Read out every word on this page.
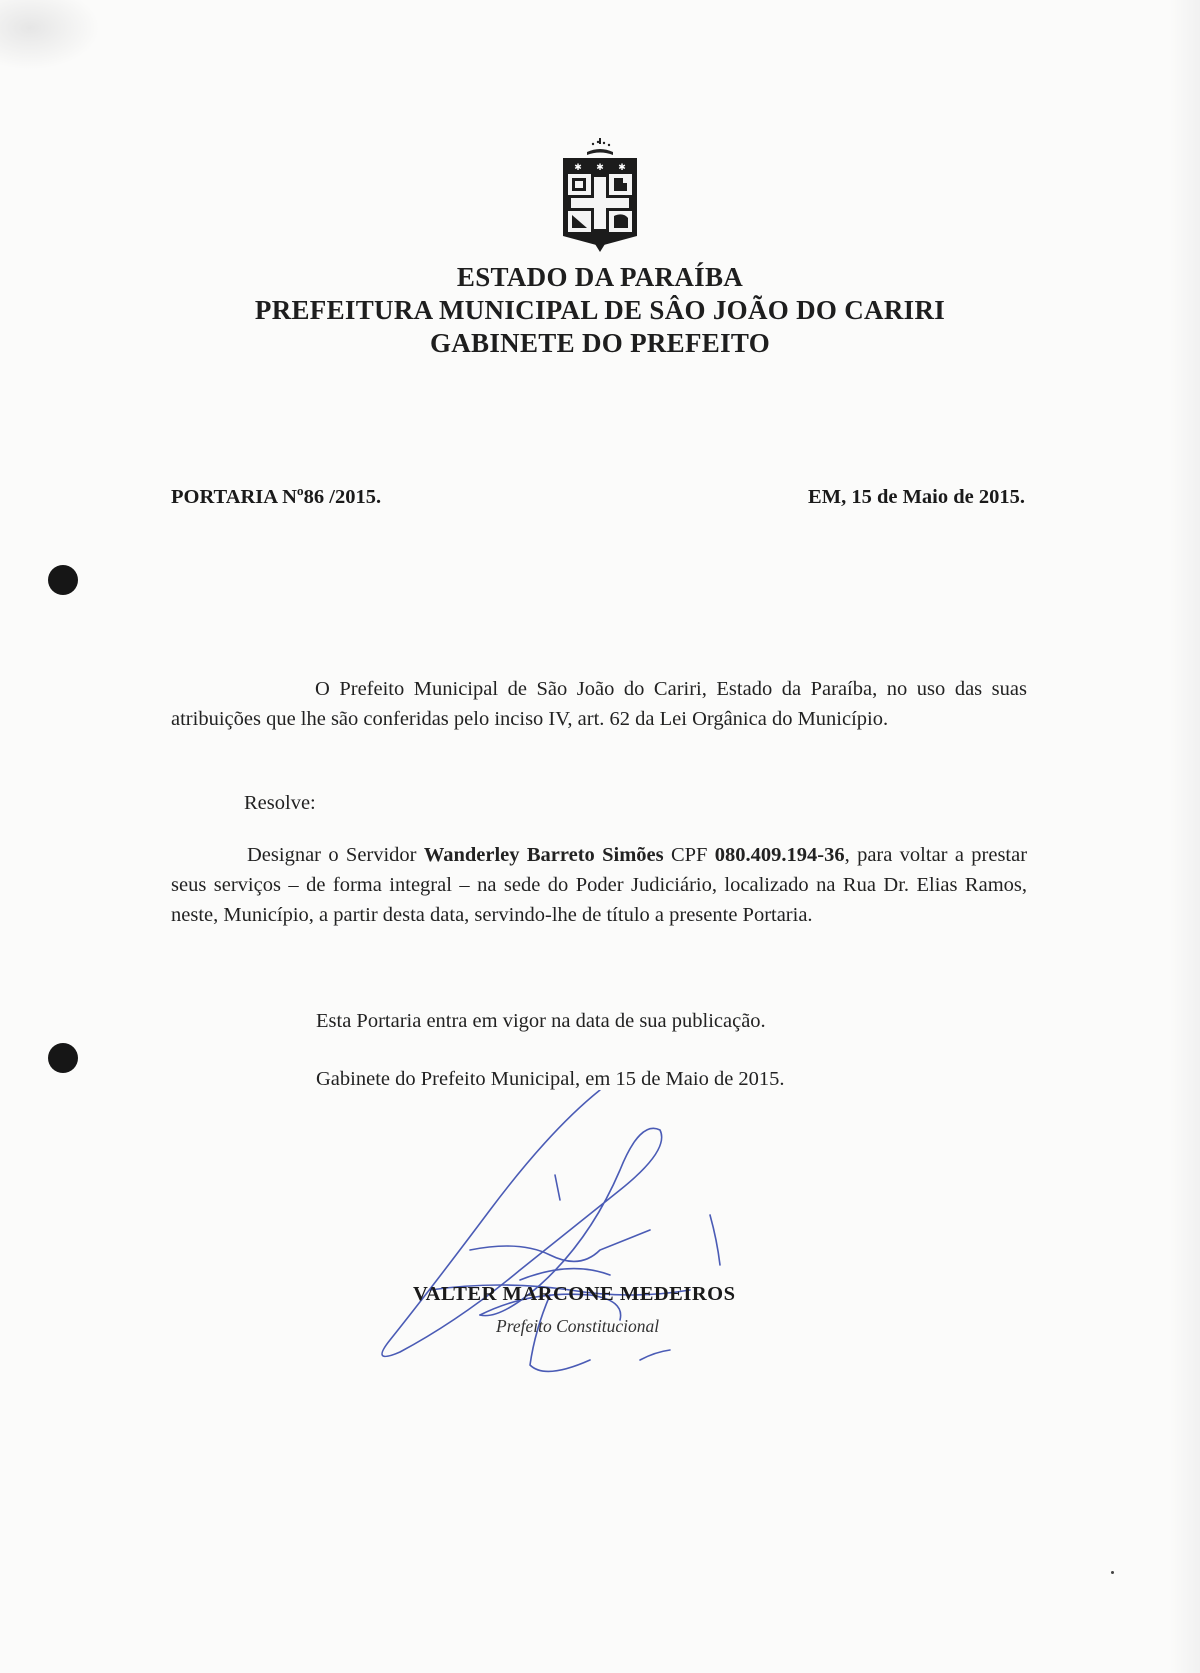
✱ ✱ ✱
ESTADO DA PARAÍBA
PREFEITURA MUNICIPAL DE SÂO JOÃO DO CARIRI
GABINETE DO PREFEITO
PORTARIA Nº86 /2015.	EM, 15 de Maio de 2015.
O Prefeito Municipal de São João do Cariri, Estado da Paraíba, no uso das suas atribuições que lhe são conferidas pelo inciso IV, art. 62 da Lei Orgânica do Município.
Resolve:
Designar o Servidor Wanderley Barreto Simões CPF 080.409.194-36, para voltar a prestar seus serviços – de forma integral – na sede do Poder Judiciário, localizado na Rua Dr. Elias Ramos, neste, Município, a partir desta data, servindo-lhe de título a presente Portaria.
Esta Portaria entra em vigor na data de sua publicação.
Gabinete do Prefeito Municipal, em 15 de Maio de 2015.
VALTER MARCONE MEDEIROS
Prefeito Constitucional
